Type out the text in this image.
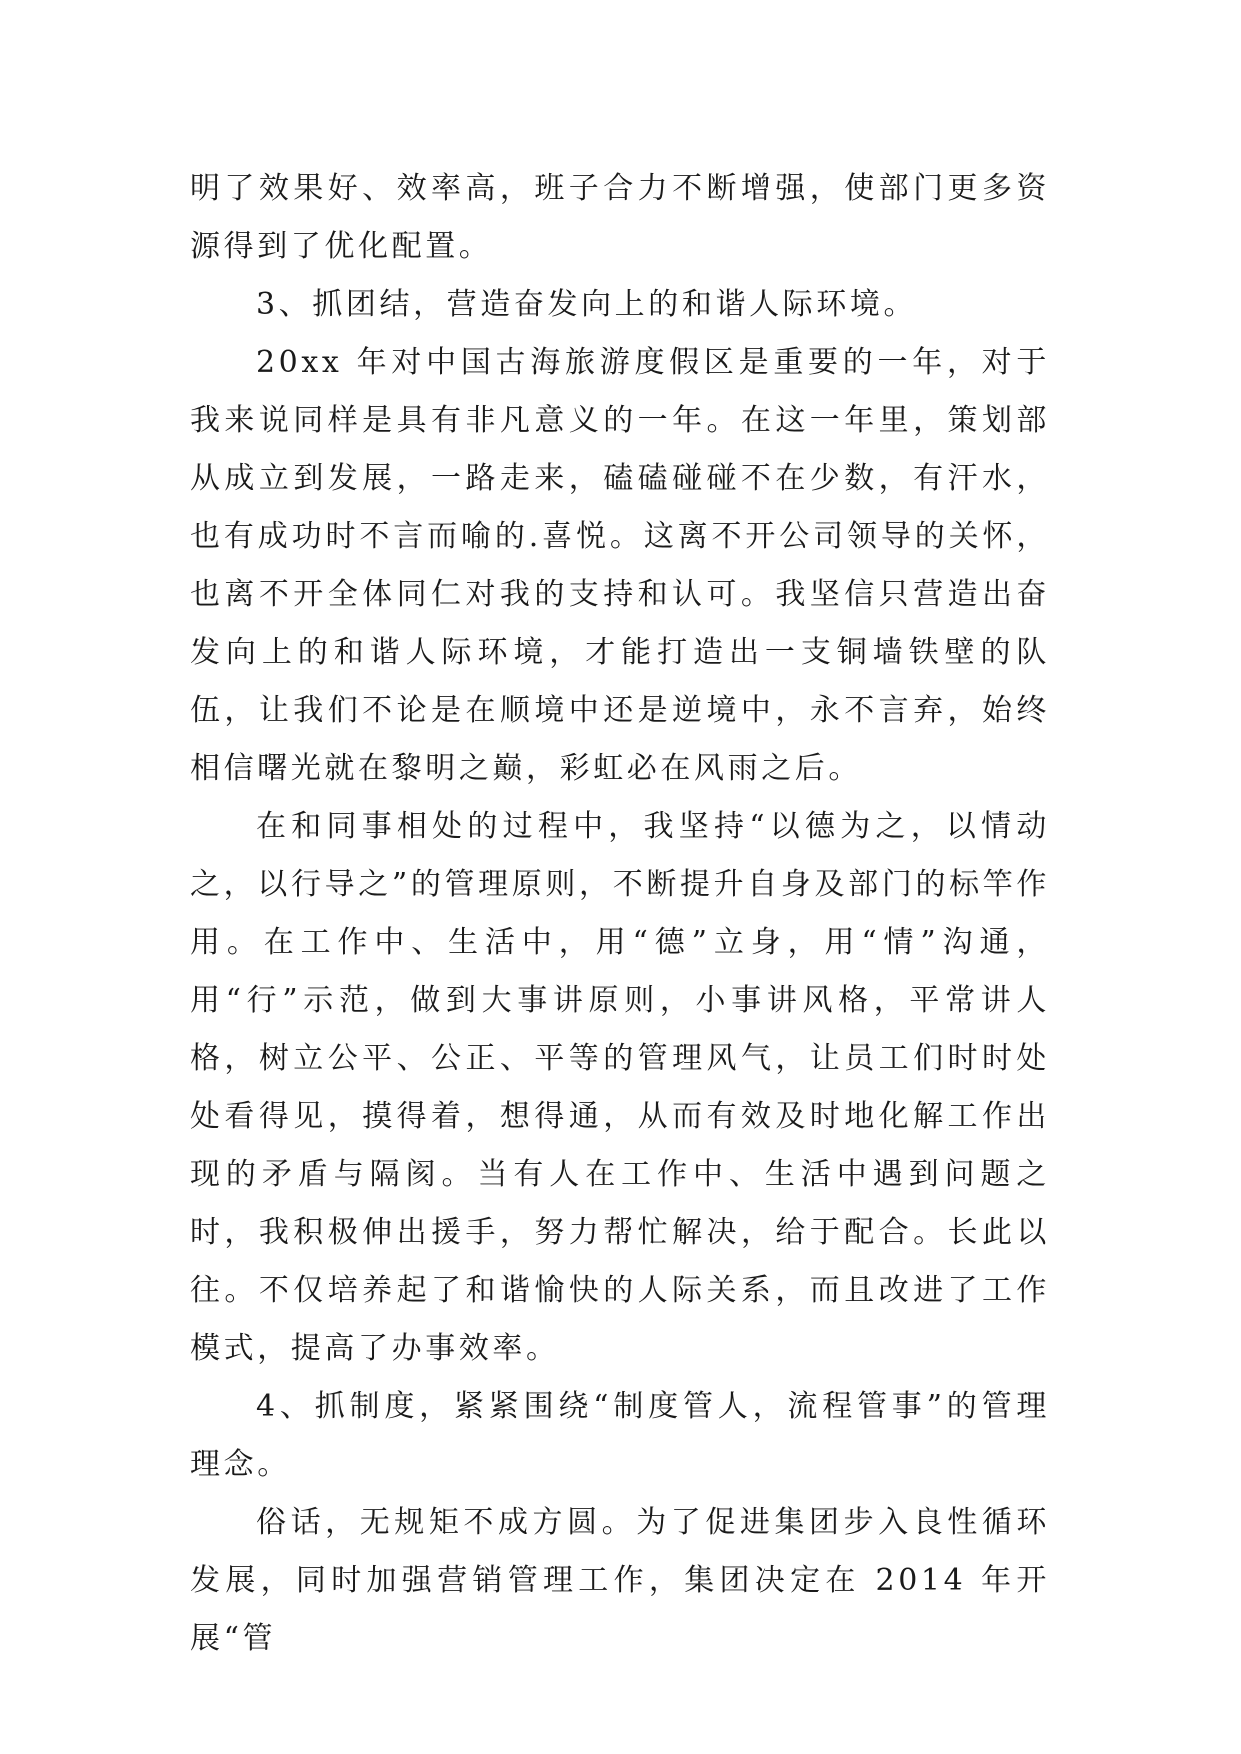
明了效果好、效率高，班子合力不断增强，使部门更多资源得到了优化配置。

3、抓团结，营造奋发向上的和谐人际环境。

20xx 年对中国古海旅游度假区是重要的一年，对于我来说同样是具有非凡意义的一年。在这一年里，策划部从成立到发展，一路走来，磕磕碰碰不在少数，有汗水，也有成功时不言而喻的.喜悦。这离不开公司领导的关怀，也离不开全体同仁对我的支持和认可。我坚信只营造出奋发向上的和谐人际环境，才能打造出一支铜墙铁壁的队伍，让我们不论是在顺境中还是逆境中，永不言弃，始终相信曙光就在黎明之巅，彩虹必在风雨之后。

在和同事相处的过程中，我坚持“以德为之，以情动之，以行导之”的管理原则，不断提升自身及部门的标竿作用。在工作中、生活中，用“德”立身，用“情”沟通，用“行”示范，做到大事讲原则，小事讲风格，平常讲人格，树立公平、公正、平等的管理风气，让员工们时时处处看得见，摸得着，想得通，从而有效及时地化解工作出现的矛盾与隔阂。当有人在工作中、生活中遇到问题之时，我积极伸出援手，努力帮忙解决，给于配合。长此以往。不仅培养起了和谐愉快的人际关系，而且改进了工作模式，提高了办事效率。

4、抓制度，紧紧围绕“制度管人，流程管事”的管理理念。

俗话，无规矩不成方圆。为了促进集团步入良性循环发展，同时加强营销管理工作，集团决定在 2014 年开展“管
